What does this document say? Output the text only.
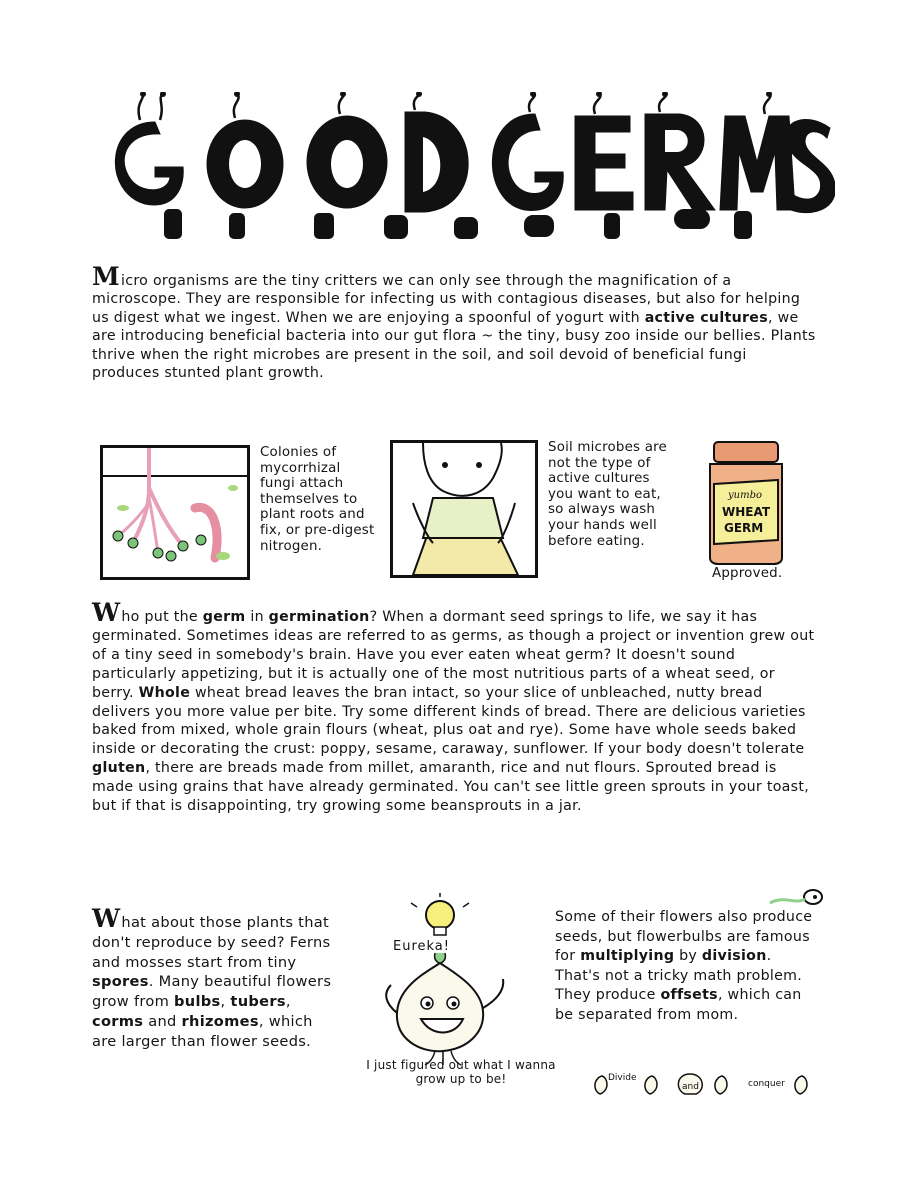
Micro organisms are the tiny critters we can only see through the magnification of a microscope. They are responsible for infecting us with contagious diseases, but also for helping us digest what we ingest. When we are enjoying a spoonful of yogurt with active cultures, we are introducing beneficial bacteria into our gut flora ~ the tiny, busy zoo inside our bellies. Plants thrive when the right microbes are present in the soil, and soil devoid of beneficial fungi produces stunted plant growth.

Colonies of mycorrhizal fungi attach themselves to plant roots and fix, or pre-digest nitrogen.

Soil microbes are not the type of active cultures you want to eat, so always wash your hands well before eating.

yumbo
WHEAT
GERM

Approved.

Who put the germ in germination? When a dormant seed springs to life, we say it has germinated. Sometimes ideas are referred to as germs, as though a project or invention grew out of a tiny seed in somebody's brain. Have you ever eaten wheat germ? It doesn't sound particularly appetizing, but it is actually one of the most nutritious parts of a wheat seed, or berry. Whole wheat bread leaves the bran intact, so your slice of unbleached, nutty bread delivers you more value per bite. Try some different kinds of bread. There are delicious varieties baked from mixed, whole grain flours (wheat, plus oat and rye). Some have whole seeds baked inside or decorating the crust: poppy, sesame, caraway, sunflower. If your body doesn't tolerate gluten, there are breads made from millet, amaranth, rice and nut flours. Sprouted bread is made using grains that have already germinated. You can't see little green sprouts in your toast, but if that is disappointing, try growing some beansprouts in a jar.

What about those plants that don't reproduce by seed? Ferns and mosses start from tiny spores. Many beautiful flowers grow from bulbs, tubers, corms and rhizomes, which are larger than flower seeds.

Eureka!

I just figured out what I wanna grow up to be!

Some of their flowers also produce seeds, but flowerbulbs are famous for multiplying by division. That's not a tricky math problem. They produce offsets, which can be separated from mom.

Divide
and	conquer
